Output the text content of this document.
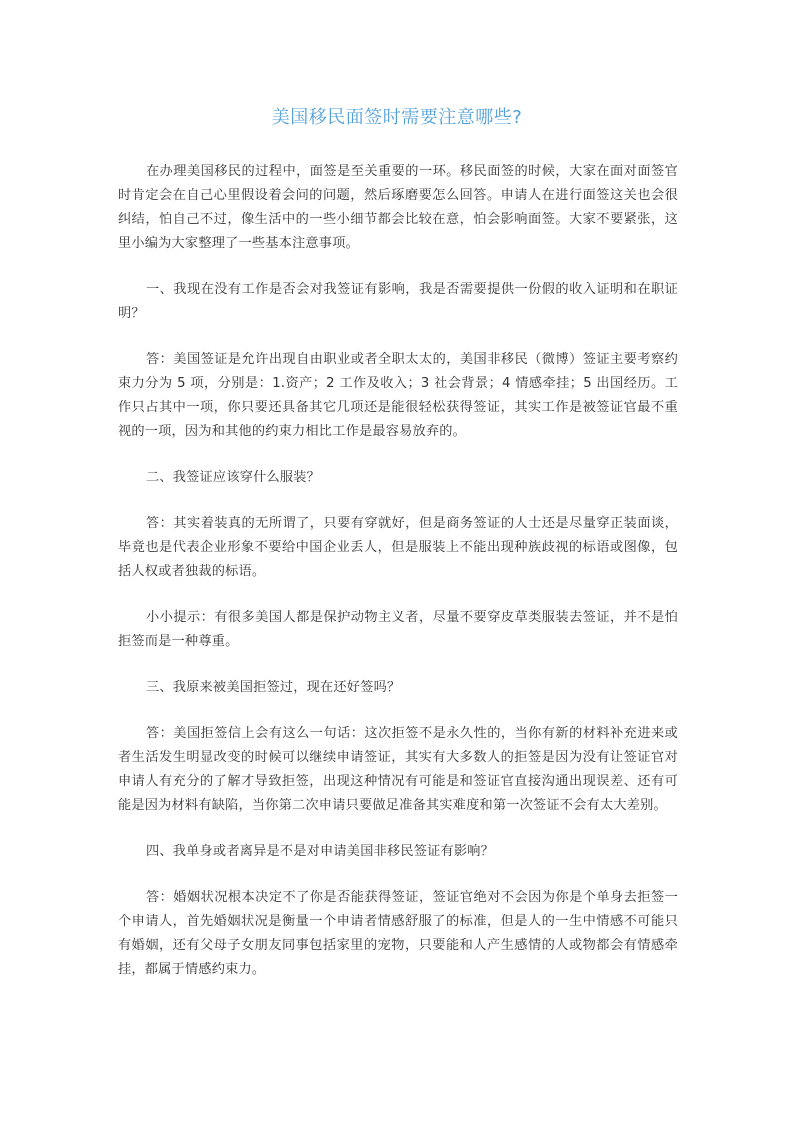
美国移民面签时需要注意哪些?

在办理美国移民的过程中，面签是至关重要的一环。移民面签的时候，大家在面对面签官时肯定会在自己心里假设着会问的问题，然后琢磨要怎么回答。申请人在进行面签这关也会很纠结，怕自己不过，像生活中的一些小细节都会比较在意，怕会影响面签。大家不要紧张，这里小编为大家整理了一些基本注意事项。

一、我现在没有工作是否会对我签证有影响，我是否需要提供一份假的收入证明和在职证明？

答：美国签证是允许出现自由职业或者全职太太的，美国非移民（微博）签证主要考察约束力分为 5 项，分别是：1.资产；2 工作及收入；3 社会背景；4 情感牵挂；5 出国经历。工作只占其中一项，你只要还具备其它几项还是能很轻松获得签证，其实工作是被签证官最不重视的一项，因为和其他的约束力相比工作是最容易放弃的。

二、我签证应该穿什么服装？

答：其实着装真的无所谓了，只要有穿就好，但是商务签证的人士还是尽量穿正装面谈，毕竟也是代表企业形象不要给中国企业丢人，但是服装上不能出现种族歧视的标语或图像，包括人权或者独裁的标语。

小小提示：有很多美国人都是保护动物主义者，尽量不要穿皮草类服装去签证，并不是怕拒签而是一种尊重。

三、我原来被美国拒签过，现在还好签吗？

答：美国拒签信上会有这么一句话：这次拒签不是永久性的，当你有新的材料补充进来或者生活发生明显改变的时候可以继续申请签证，其实有大多数人的拒签是因为没有让签证官对申请人有充分的了解才导致拒签，出现这种情况有可能是和签证官直接沟通出现误差、还有可能是因为材料有缺陷，当你第二次申请只要做足准备其实难度和第一次签证不会有太大差别。

四、我单身或者离异是不是对申请美国非移民签证有影响？

答：婚姻状况根本决定不了你是否能获得签证，签证官绝对不会因为你是个单身去拒签一个申请人，首先婚姻状况是衡量一个申请者情感舒服了的标准，但是人的一生中情感不可能只有婚姻，还有父母子女朋友同事包括家里的宠物，只要能和人产生感情的人或物都会有情感牵挂，都属于情感约束力。
